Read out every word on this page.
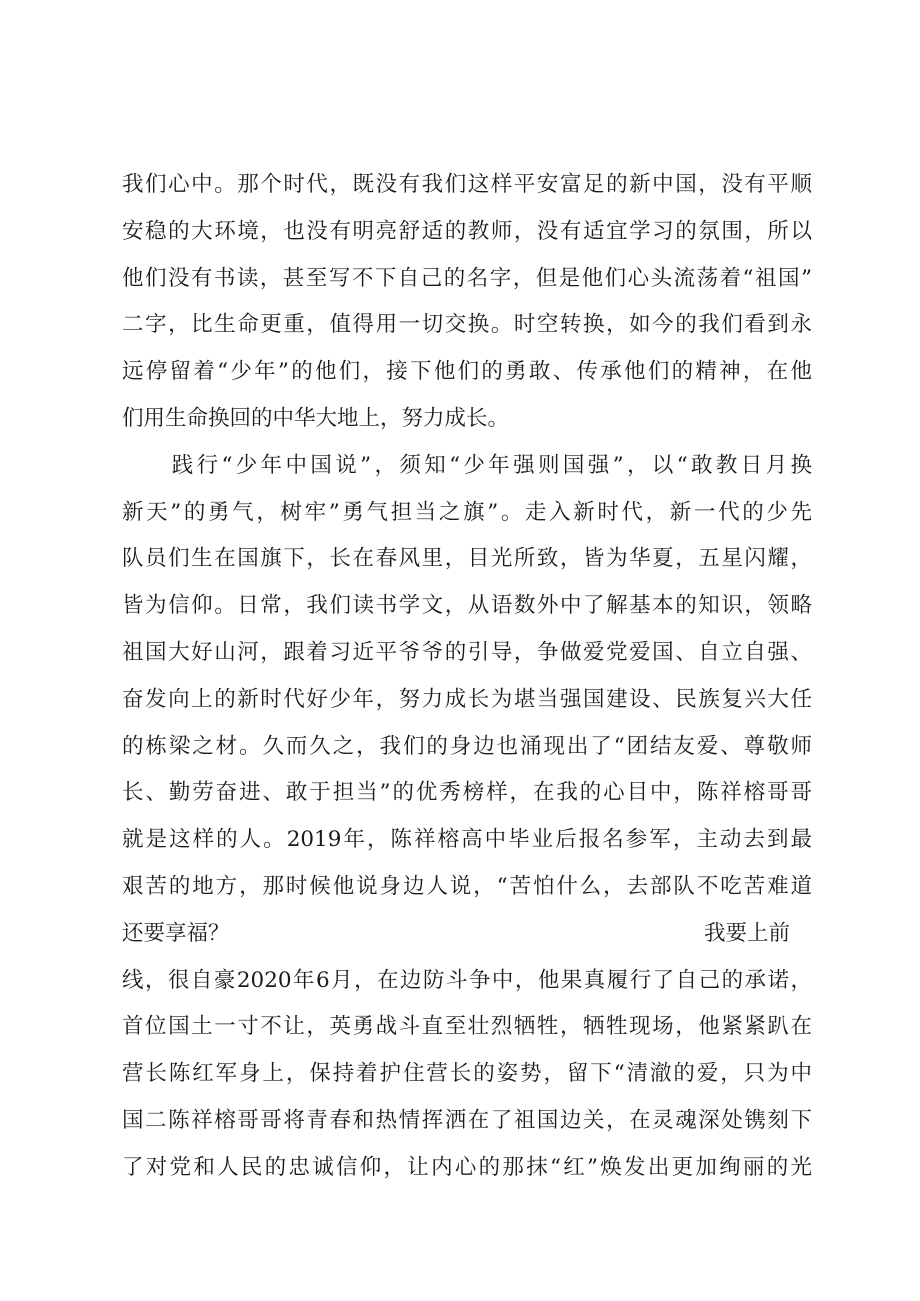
我们心中。那个时代，既没有我们这样平安富足的新中国，没有平顺
安稳的大环境，也没有明亮舒适的教师，没有适宜学习的氛围，所以
他们没有书读，甚至写不下自己的名字，但是他们心头流荡着“祖国”
二字，比生命更重，值得用一切交换。时空转换，如今的我们看到永
远停留着“少年”的他们，接下他们的勇敢、传承他们的精神，在他
们用生命换回的中华大地上，努力成长。
　　践行“少年中国说”，须知“少年强则国强”，以“敢教日月换
新天”的勇气，树牢”勇气担当之旗”。走入新时代，新一代的少先
队员们生在国旗下，长在春风里，目光所致，皆为华夏，五星闪耀，
皆为信仰。日常，我们读书学文，从语数外中了解基本的知识，领略
祖国大好山河，跟着习近平爷爷的引导，争做爱党爱国、自立自强、
奋发向上的新时代好少年，努力成长为堪当强国建设、民族复兴大任
的栋梁之材。久而久之，我们的身边也涌现出了“团结友爱、尊敬师
长、勤劳奋进、敢于担当”的优秀榜样，在我的心目中，陈祥榕哥哥
就是这样的人。2019年，陈祥榕高中毕业后报名参军，主动去到最
艰苦的地方，那时候他说身边人说，“苦怕什么，去部队不吃苦难道
还要享福？	我要上前
线，很自豪2020年6月，在边防斗争中，他果真履行了自己的承诺，
首位国土一寸不让，英勇战斗直至壮烈牺牲，牺牲现场，他紧紧趴在
营长陈红军身上，保持着护住营长的姿势，留下“清澈的爱，只为中
国二陈祥榕哥哥将青春和热情挥洒在了祖国边关，在灵魂深处镌刻下
了对党和人民的忠诚信仰，让内心的那抹“红”焕发出更加绚丽的光
